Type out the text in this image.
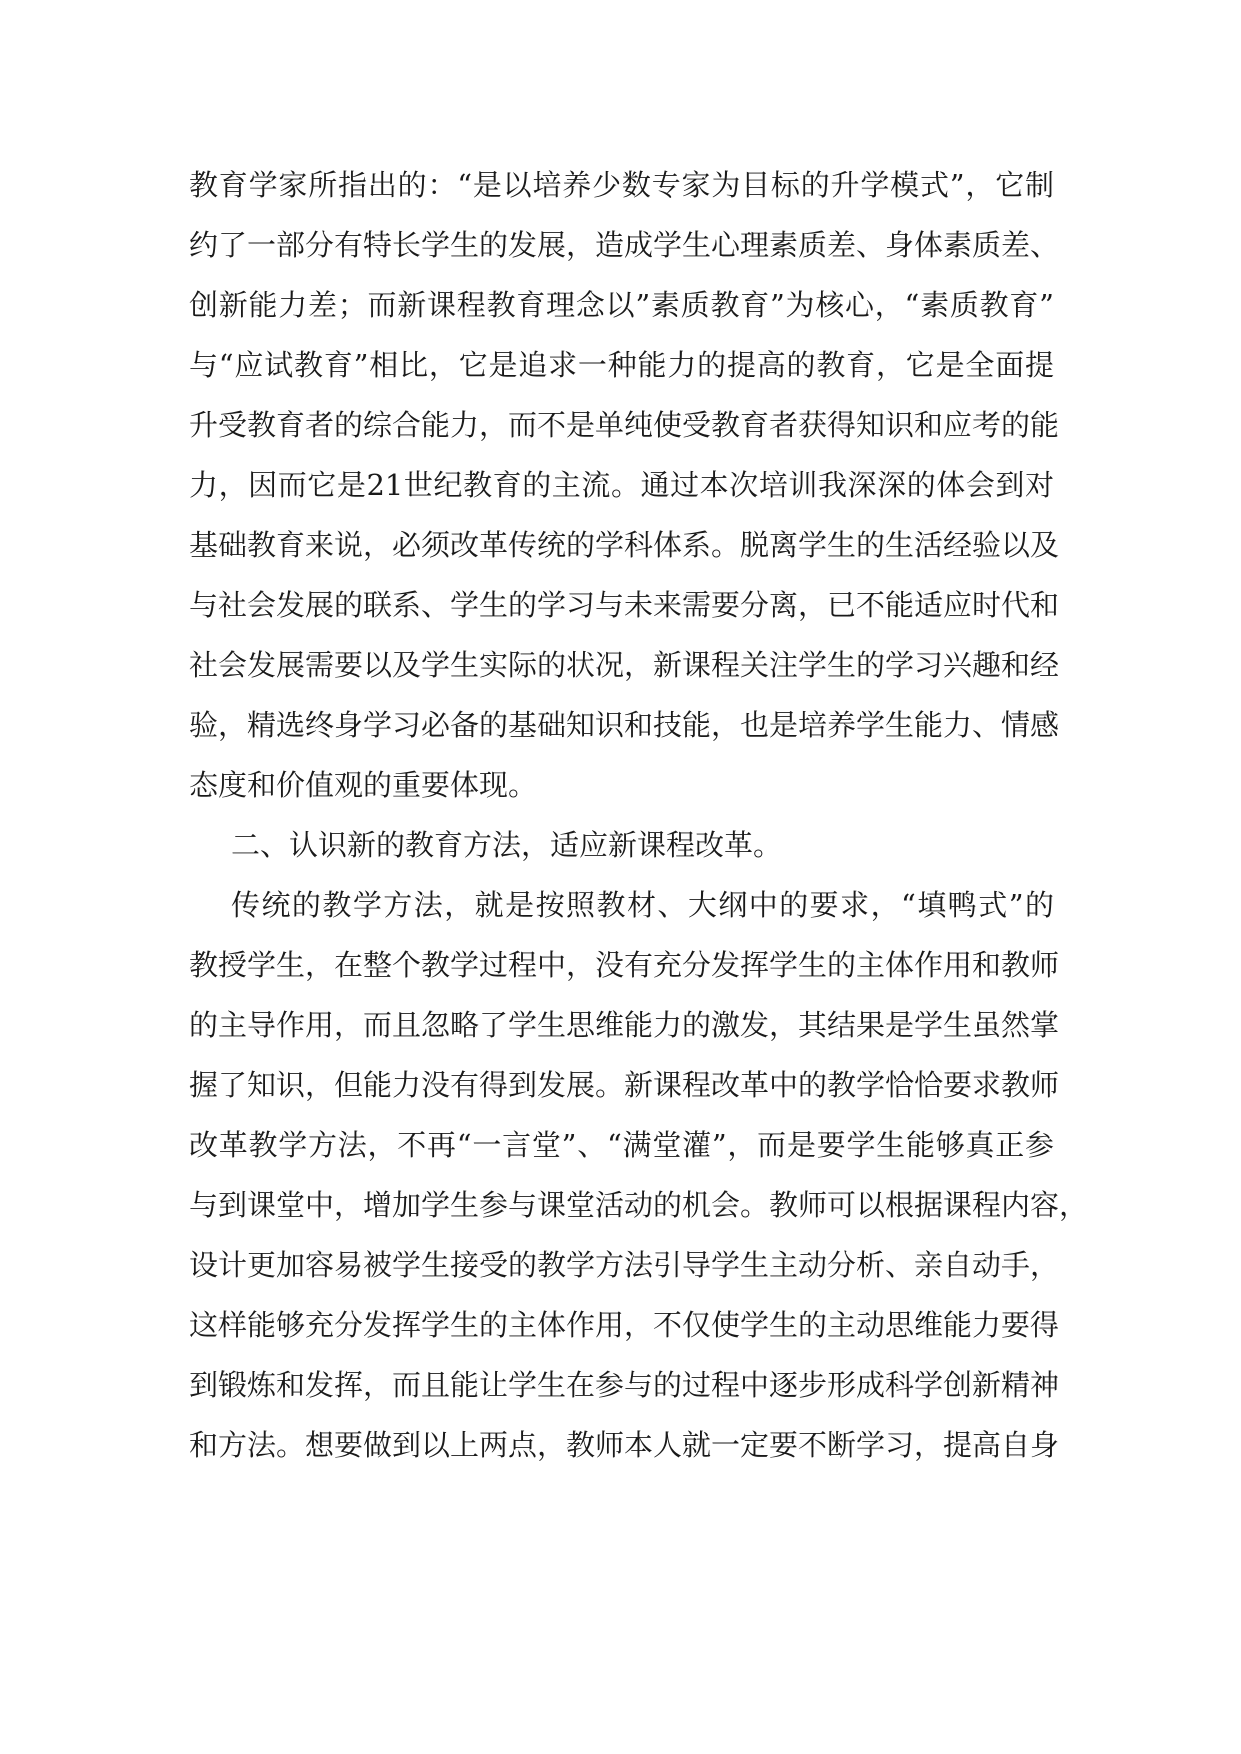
教育学家所指出的：“是以培养少数专家为目标的升学模式”，它制
约了一部分有特长学生的发展，造成学生心理素质差、身体素质差、
创新能力差；而新课程教育理念以”素质教育”为核心，“素质教育”
与“应试教育”相比，它是追求一种能力的提高的教育，它是全面提
升受教育者的综合能力，而不是单纯使受教育者获得知识和应考的能
力，因而它是21世纪教育的主流。通过本次培训我深深的体会到对
基础教育来说，必须改革传统的学科体系。脱离学生的生活经验以及
与社会发展的联系、学生的学习与未来需要分离，已不能适应时代和
社会发展需要以及学生实际的状况，新课程关注学生的学习兴趣和经
验，精选终身学习必备的基础知识和技能，也是培养学生能力、情感
态度和价值观的重要体现。
二、认识新的教育方法，适应新课程改革。
传统的教学方法，就是按照教材、大纲中的要求，“填鸭式”的
教授学生，在整个教学过程中，没有充分发挥学生的主体作用和教师
的主导作用，而且忽略了学生思维能力的激发，其结果是学生虽然掌
握了知识，但能力没有得到发展。新课程改革中的教学恰恰要求教师
改革教学方法，不再“一言堂”、“满堂灌”，而是要学生能够真正参
与到课堂中，增加学生参与课堂活动的机会。教师可以根据课程内容，
设计更加容易被学生接受的教学方法引导学生主动分析、亲自动手，
这样能够充分发挥学生的主体作用，不仅使学生的主动思维能力要得
到锻炼和发挥，而且能让学生在参与的过程中逐步形成科学创新精神
和方法。想要做到以上两点，教师本人就一定要不断学习，提高自身
